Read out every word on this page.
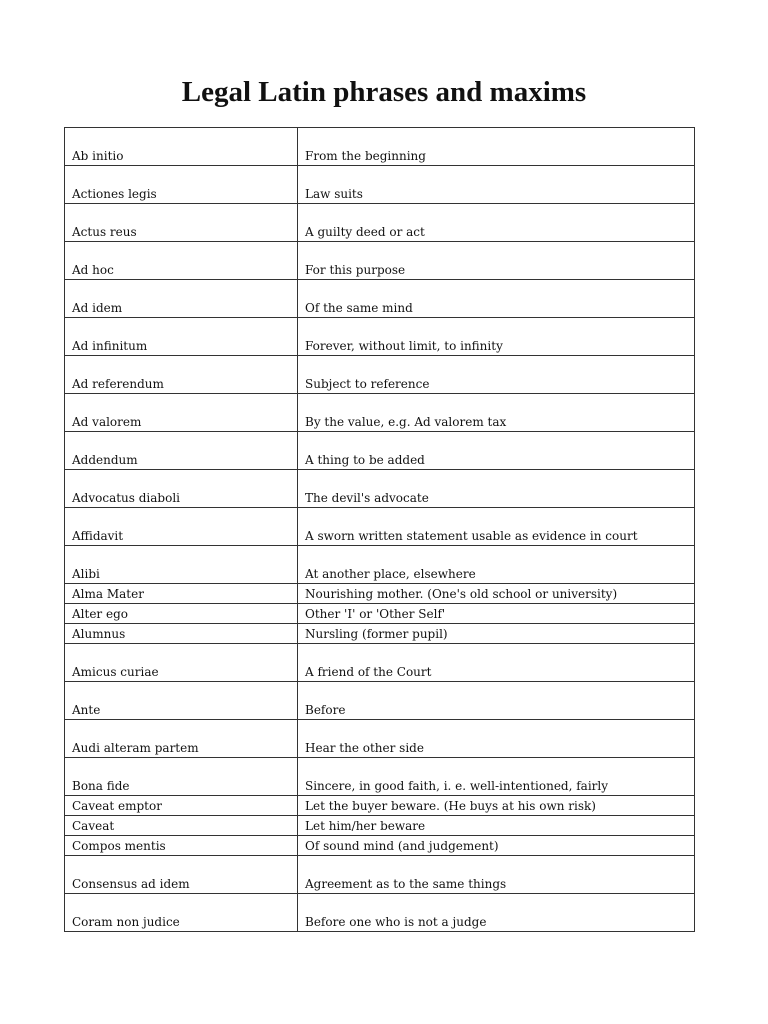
Legal Latin phrases and maxims
Ab initio	From the beginning
Actiones legis	Law suits
Actus reus	A guilty deed or act
Ad hoc	For this purpose
Ad idem	Of the same mind
Ad infinitum	Forever, without limit, to infinity
Ad referendum	Subject to reference
Ad valorem	By the value, e.g. Ad valorem tax
Addendum	A thing to be added
Advocatus diaboli	The devil's advocate
Affidavit	A sworn written statement usable as evidence in court
Alibi	At another place, elsewhere
Alma Mater	Nourishing mother. (One's old school or university)
Alter ego	Other 'I' or 'Other Self'
Alumnus	Nursling (former pupil)
Amicus curiae	A friend of the Court
Ante	Before
Audi alteram partem	Hear the other side
Bona fide	Sincere, in good faith, i. e. well-intentioned, fairly
Caveat emptor	Let the buyer beware. (He buys at his own risk)
Caveat	Let him/her beware
Compos mentis	Of sound mind (and judgement)
Consensus ad idem	Agreement as to the same things
Coram non judice	Before one who is not a judge
